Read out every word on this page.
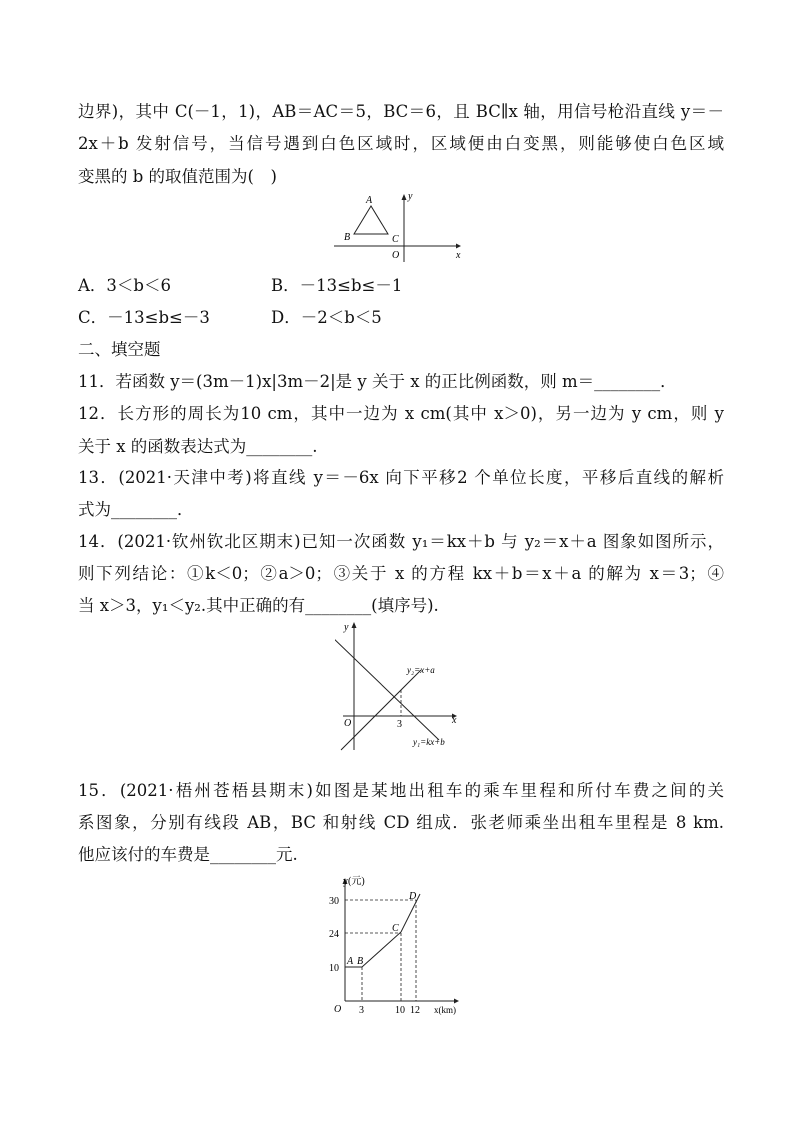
边界)，其中 C(－1，1)，AB＝AC＝5，BC＝6，且 BC∥x 轴，用信号枪沿直线 y＝－
2x＋b 发射信号，当信号遇到白色区域时，区域便由白变黑，则能够使白色区域
变黑的 b 的取值范围为(　)
A
B	C
O	x
y
A．3＜b＜6	B．－13≤b≤－1
C．－13≤b≤－3	D．－2＜b＜5
二、填空题
11．若函数 y＝(3m－1)x|3m－2|是 y 关于 x 的正比例函数，则 m＝________．
12．长方形的周长为10 cm，其中一边为 x cm(其中 x＞0)，另一边为 y cm，则 y
关于 x 的函数表达式为________.
13．(2021·天津中考)将直线 y＝－6x 向下平移2 个单位长度，平移后直线的解析
式为________．
14．(2021·钦州钦北区期末)已知一次函数 y₁＝kx＋b 与 y₂＝x＋a 图象如图所示，
则下列结论：①k＜0；②a＞0；③关于 x 的方程 kx＋b＝x＋a 的解为 x＝3；④
当 x＞3，y₁＜y₂.其中正确的有________(填序号).
y
x
O	3
y₂=x+a
y₁=kx+b
15．(2021·梧州苍梧县期末)如图是某地出租车的乘车里程和所付车费之间的关
系图象，分别有线段 AB，BC 和射线 CD 组成．张老师乘坐出租车里程是 8 km.
他应该付的车费是________元.
y(元)
x(km)
O
A B
C
D
30
24
10
3	10 12
